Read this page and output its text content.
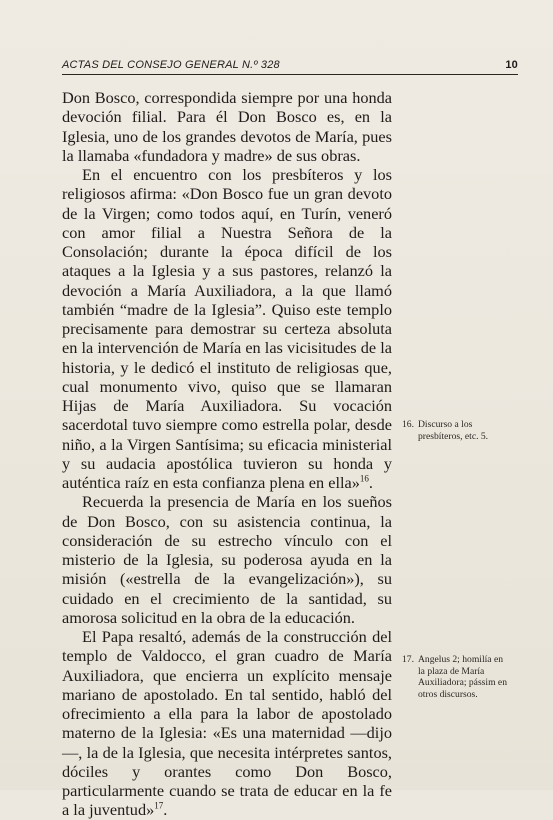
ACTAS DEL CONSEJO GENERAL N.º 328	10

Don Bosco, correspondida siempre por una honda devoción filial. Para él Don Bosco es, en la Iglesia, uno de los grandes devotos de María, pues la llamaba «fundadora y madre» de sus obras.

En el encuentro con los presbíteros y los religiosos afirma: «Don Bosco fue un gran devoto de la Virgen; como todos aquí, en Turín, veneró con amor filial a Nuestra Señora de la Consolación; durante la época difícil de los ataques a la Iglesia y a sus pastores, relanzó la devoción a María Auxiliadora, a la que llamó también “madre de la Iglesia”. Quiso este templo precisamente para demostrar su certeza absoluta en la intervención de María en las vicisitudes de la historia, y le dedicó el instituto de religiosas que, cual monumento vivo, quiso que se llamaran Hijas de María Auxiliadora. Su vocación sacerdotal tuvo siempre como estrella polar, desde niño, a la Virgen Santísima; su eficacia ministerial y su audacia apostólica tuvieron su honda y auténtica raíz en esta confianza plena en ella»$^{16}$.

Recuerda la presencia de María en los sueños de Don Bosco, con su asistencia continua, la consideración de su estrecho vínculo con el misterio de la Iglesia, su poderosa ayuda en la misión («estrella de la evangelización»), su cuidado en el crecimiento de la santidad, su amorosa solicitud en la obra de la educación.

El Papa resaltó, además de la construcción del templo de Valdocco, el gran cuadro de María Auxiliadora, que encierra un explícito mensaje mariano de apostolado. En tal sentido, habló del ofrecimiento a ella para la labor de apostolado materno de la Iglesia: «Es una maternidad —dijo—, la de la Iglesia, que necesita intérpretes santos, dóciles y orantes como Don Bosco, particularmente cuando se trata de educar en la fe a la juventud»$^{17}$.

16. Discurso a los presbíteros, etc. 5.
17. Angelus 2; homilía en la plaza de María Auxiliadora; pássim en otros discursos.
